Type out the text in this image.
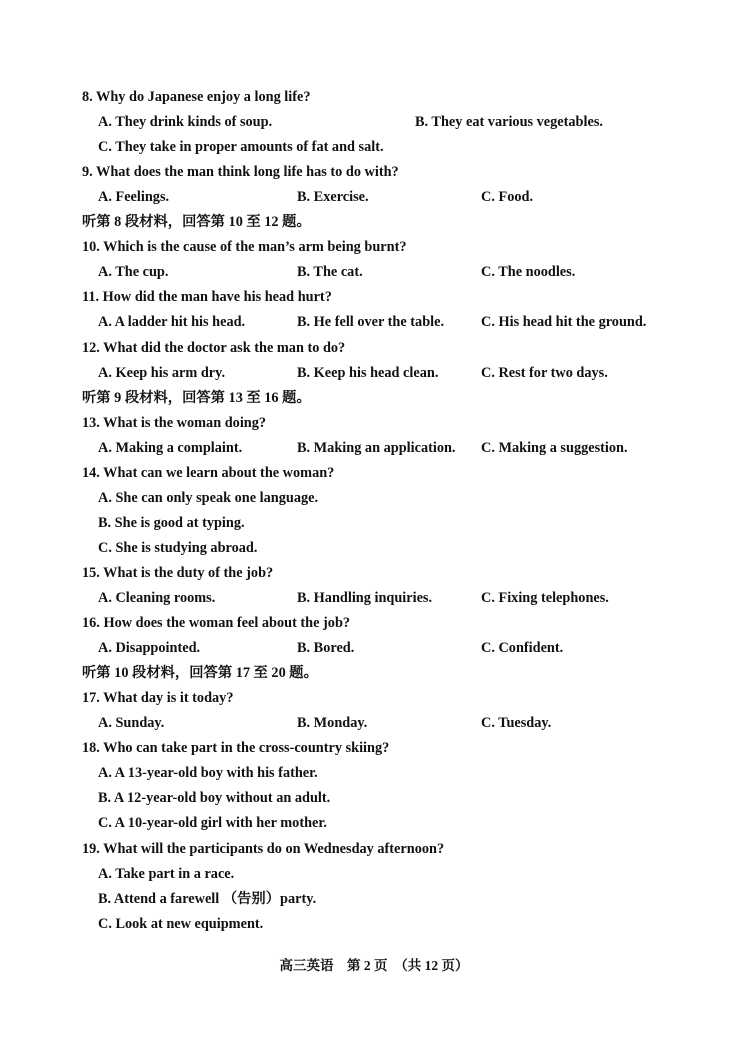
8. Why do Japanese enjoy a long life?
A. They drink kinds of soup.	B. They eat various vegetables.
C. They take in proper amounts of fat and salt.
9. What does the man think long life has to do with?
A. Feelings.	B. Exercise.	C. Food.
听第 8 段材料，回答第 10 至 12 题。
10. Which is the cause of the man’s arm being burnt?
A. The cup.	B. The cat.	C. The noodles.
11. How did the man have his head hurt?
A. A ladder hit his head.	B. He fell over the table.	C. His head hit the ground.
12. What did the doctor ask the man to do?
A. Keep his arm dry.	B. Keep his head clean.	C. Rest for two days.
听第 9 段材料，回答第 13 至 16 题。
13. What is the woman doing?
A. Making a complaint.	B. Making an application. C. Making a suggestion.
14. What can we learn about the woman?
A. She can only speak one language.
B. She is good at typing.
C. She is studying abroad.
15. What is the duty of the job?
A. Cleaning rooms.	B. Handling inquiries.	C. Fixing telephones.
16. How does the woman feel about the job?
A. Disappointed.	B. Bored.	C. Confident.
听第 10 段材料，回答第 17 至 20 题。
17. What day is it today?
A. Sunday.	B. Monday.	C. Tuesday.
18. Who can take part in the cross-country skiing?
A. A 13-year-old boy with his father.
B. A 12-year-old boy without an adult.
C. A 10-year-old girl with her mother.
19. What will the participants do on Wednesday afternoon?
A. Take part in a race.
B. Attend a farewell （告别）party.
C. Look at new equipment.
高三英语　第 2 页　（共 12 页）
